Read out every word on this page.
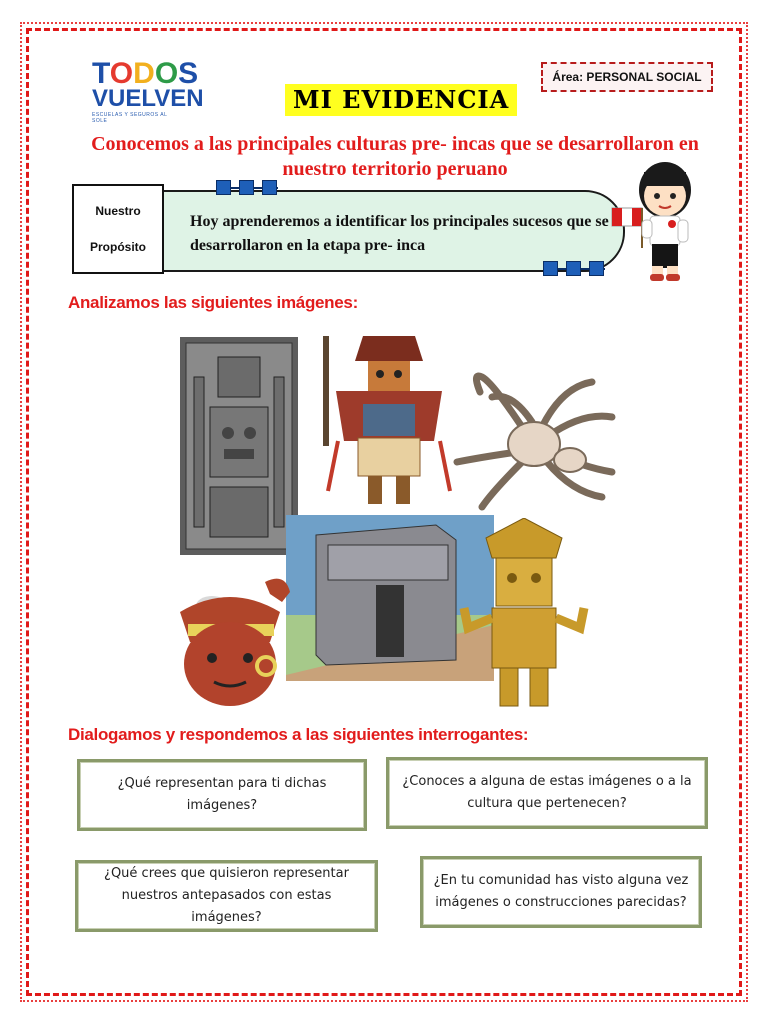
TODOS
VUELVEN
ESCUELAS Y SEGUROS AL SOLE
MI EVIDENCIA
Área: PERSONAL SOCIAL
Conocemos a las principales culturas pre- incas que se desarrollaron en nuestro territorio peruano
Nuestro
Propósito
Hoy aprenderemos a identificar los principales sucesos que se desarrollaron en la etapa pre- inca
Analizamos las siguientes imágenes:
Dialogamos y respondemos a las siguientes interrogantes:
¿Qué representan para ti dichas imágenes?
¿Conoces a alguna de estas imágenes o a la cultura que pertenecen?
¿Qué crees que quisieron representar nuestros antepasados con estas imágenes?
¿En tu comunidad has visto alguna vez imágenes o construcciones parecidas?
